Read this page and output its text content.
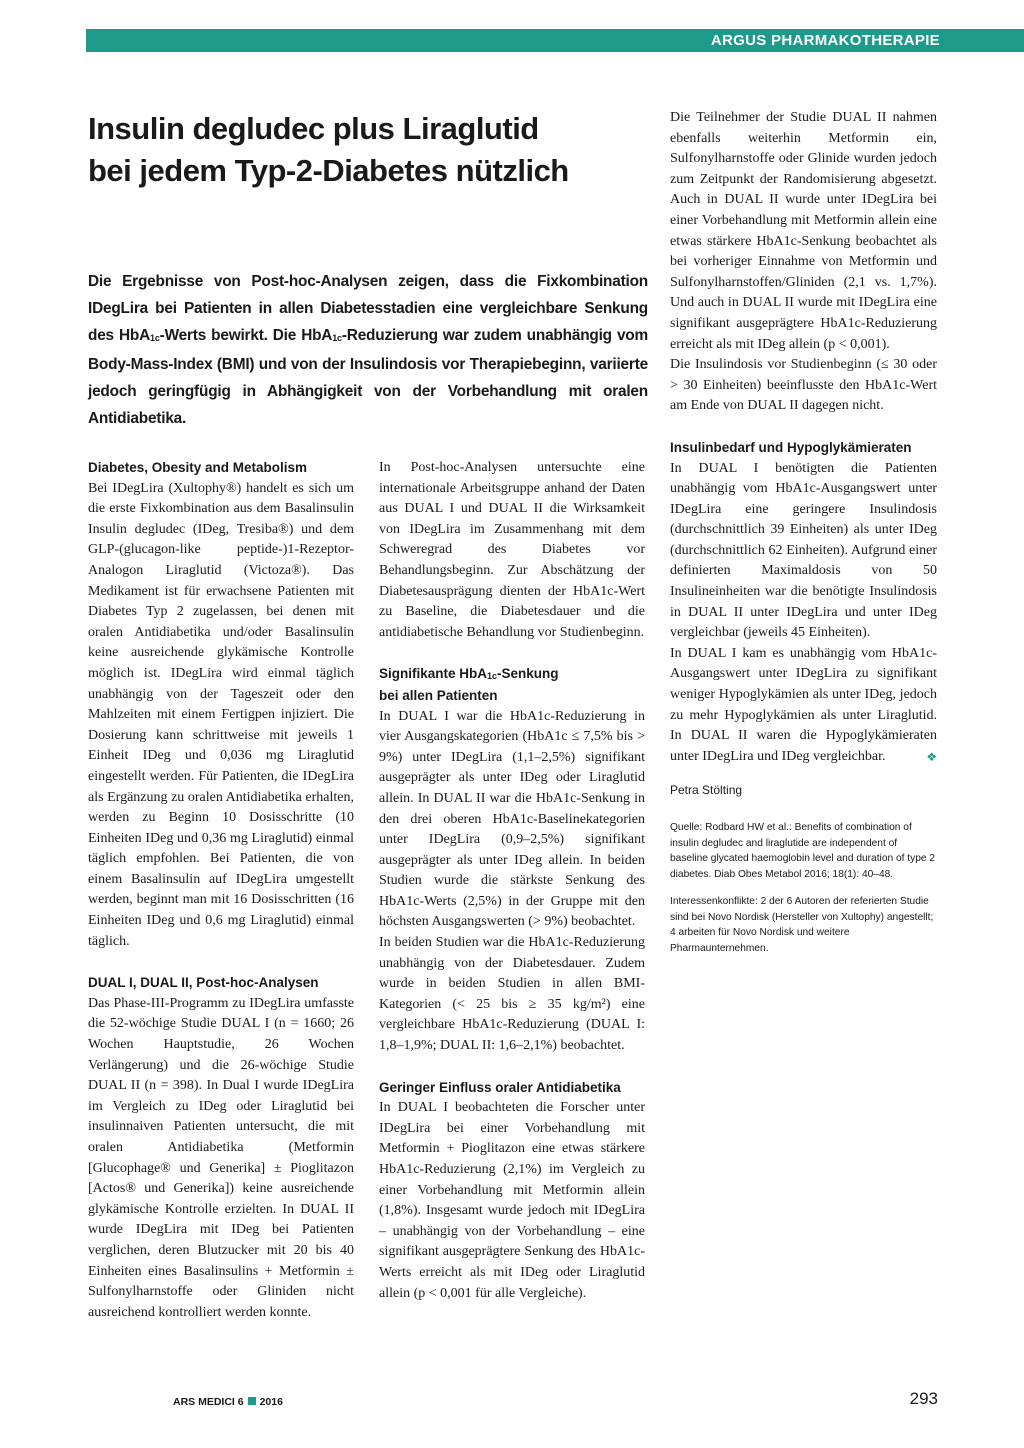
ARGUS PHARMAKOTHERAPIE
Insulin degludec plus Liraglutid
bei jedem Typ-2-Diabetes nützlich
Die Ergebnisse von Post-hoc-Analysen zeigen, dass die Fixkombination IDegLira bei Patienten in allen Diabetesstadien eine vergleichbare Senkung des HbA1c-Werts bewirkt. Die HbA1c-Reduzierung war zudem unabhängig vom Body-Mass-Index (BMI) und von der Insulindosis vor Therapiebeginn, variierte jedoch geringfügig in Abhängigkeit von der Vorbehandlung mit oralen Antidiabetika.
Diabetes, Obesity and Metabolism

Bei IDegLira (Xultophy®) handelt es sich um die erste Fixkombination aus dem Basalinsulin Insulin degludec (IDeg, Tresiba®) und dem GLP-(glucagon-like peptide-)1-Rezeptor-Analogon Liraglutid (Victoza®). Das Medikament ist für erwachsene Patienten mit Diabetes Typ 2 zugelassen, bei denen mit oralen Antidiabetika und/oder Basalinsulin keine ausreichende glykämische Kontrolle möglich ist. IDegLira wird einmal täglich unabhängig von der Tageszeit oder den Mahlzeiten mit einem Fertigpen injiziert. Die Dosierung kann schrittweise mit jeweils 1 Einheit IDeg und 0,036 mg Liraglutid eingestellt werden. Für Patienten, die IDegLira als Ergänzung zu oralen Antidiabetika erhalten, werden zu Beginn 10 Dosisschritte (10 Einheiten IDeg und 0,36 mg Liraglutid) einmal täglich empfohlen. Bei Patienten, die von einem Basalinsulin auf IDegLira umgestellt werden, beginnt man mit 16 Dosisschritten (16 Einheiten IDeg und 0,6 mg Liraglutid) einmal täglich.

DUAL I, DUAL II, Post-hoc-Analysen

Das Phase-III-Programm zu IDegLira umfasste die 52-wöchige Studie DUAL I (n = 1660; 26 Wochen Hauptstudie, 26 Wochen Verlängerung) und die 26-wöchige Studie DUAL II (n = 398). In Dual I wurde IDegLira im Vergleich zu IDeg oder Liraglutid bei insulinnaiven Patienten untersucht, die mit oralen Antidiabetika (Metformin [Glucophage® und Generika] ± Pioglitazon [Actos® und Generika]) keine ausreichende glykämische Kontrolle erzielten. In DUAL II wurde IDegLira mit IDeg bei Patienten verglichen, deren Blutzucker mit 20 bis 40 Einheiten eines Basalinsulins + Metformin ± Sulfonylharnstoffe oder Gliniden nicht ausreichend kontrolliert werden konnte.

In Post-hoc-Analysen untersuchte eine internationale Arbeitsgruppe anhand der Daten aus DUAL I und DUAL II die Wirksamkeit von IDegLira im Zusammenhang mit dem Schweregrad des Diabetes vor Behandlungsbeginn. Zur Abschätzung der Diabetesausprägung dienten der HbA1c-Wert zu Baseline, die Diabetesdauer und die antidiabetische Behandlung vor Studienbeginn.

Signifikante HbA1c-Senkung
bei allen Patienten

In DUAL I war die HbA1c-Reduzierung in vier Ausgangskategorien (HbA1c ≤ 7,5% bis > 9%) unter IDegLira (1,1–2,5%) signifikant ausgeprägter als unter IDeg oder Liraglutid allein. In DUAL II war die HbA1c-Senkung in den drei oberen HbA1c-Baselinekategorien unter IDegLira (0,9–2,5%) signifikant ausgeprägter als unter IDeg allein. In beiden Studien wurde die stärkste Senkung des HbA1c-Werts (2,5%) in der Gruppe mit den höchsten Ausgangswerten (> 9%) beobachtet.

In beiden Studien war die HbA1c-Reduzierung unabhängig von der Diabetesdauer. Zudem wurde in beiden Studien in allen BMI-Kategorien (< 25 bis ≥ 35 kg/m²) eine vergleichbare HbA1c-Reduzierung (DUAL I: 1,8–1,9%; DUAL II: 1,6–2,1%) beobachtet.

Geringer Einfluss oraler Antidiabetika

In DUAL I beobachteten die Forscher unter IDegLira bei einer Vorbehandlung mit Metformin + Pioglitazon eine etwas stärkere HbA1c-Reduzierung (2,1%) im Vergleich zu einer Vorbehandlung mit Metformin allein (1,8%). Insgesamt wurde jedoch mit IDegLira – unabhängig von der Vorbehandlung – eine signifikant ausgeprägtere Senkung des HbA1c-Werts erreicht als mit IDeg oder Liraglutid allein (p < 0,001 für alle Vergleiche).

Die Teilnehmer der Studie DUAL II nahmen ebenfalls weiterhin Metformin ein, Sulfonylharnstoffe oder Glinide wurden jedoch zum Zeitpunkt der Randomisierung abgesetzt. Auch in DUAL II wurde unter IDegLira bei einer Vorbehandlung mit Metformin allein eine etwas stärkere HbA1c-Senkung beobachtet als bei vorheriger Einnahme von Metformin und Sulfonylharnstoffen/Gliniden (2,1 vs. 1,7%). Und auch in DUAL II wurde mit IDegLira eine signifikant ausgeprägtere HbA1c-Reduzierung erreicht als mit IDeg allein (p < 0,001).

Die Insulindosis vor Studienbeginn (≤ 30 oder > 30 Einheiten) beeinflusste den HbA1c-Wert am Ende von DUAL II dagegen nicht.

Insulinbedarf und Hypoglykämieraten

In DUAL I benötigten die Patienten unabhängig vom HbA1c-Ausgangswert unter IDegLira eine geringere Insulindosis (durchschnittlich 39 Einheiten) als unter IDeg (durchschnittlich 62 Einheiten). Aufgrund einer definierten Maximaldosis von 50 Insulineinheiten war die benötigte Insulindosis in DUAL II unter IDegLira und unter IDeg vergleichbar (jeweils 45 Einheiten).

In DUAL I kam es unabhängig vom HbA1c-Ausgangswert unter IDegLira zu signifikant weniger Hypoglykämien als unter IDeg, jedoch zu mehr Hypoglykämien als unter Liraglutid. In DUAL II waren die Hypoglykämieraten unter IDegLira und IDeg vergleichbar.	❖

Petra Stölting

Quelle: Rodbard HW et al.: Benefits of combination of insulin degludec and liraglutide are independent of baseline glycated haemoglobin level and duration of type 2 diabetes. Diab Obes Metabol 2016; 18(1): 40–48.

Interessenkonflikte: 2 der 6 Autoren der referierten Studie sind bei Novo Nordisk (Hersteller von Xultophy) angestellt; 4 arbeiten für Novo Nordisk und weitere Pharmaunternehmen.

ARS MEDICI 6 2016	293
